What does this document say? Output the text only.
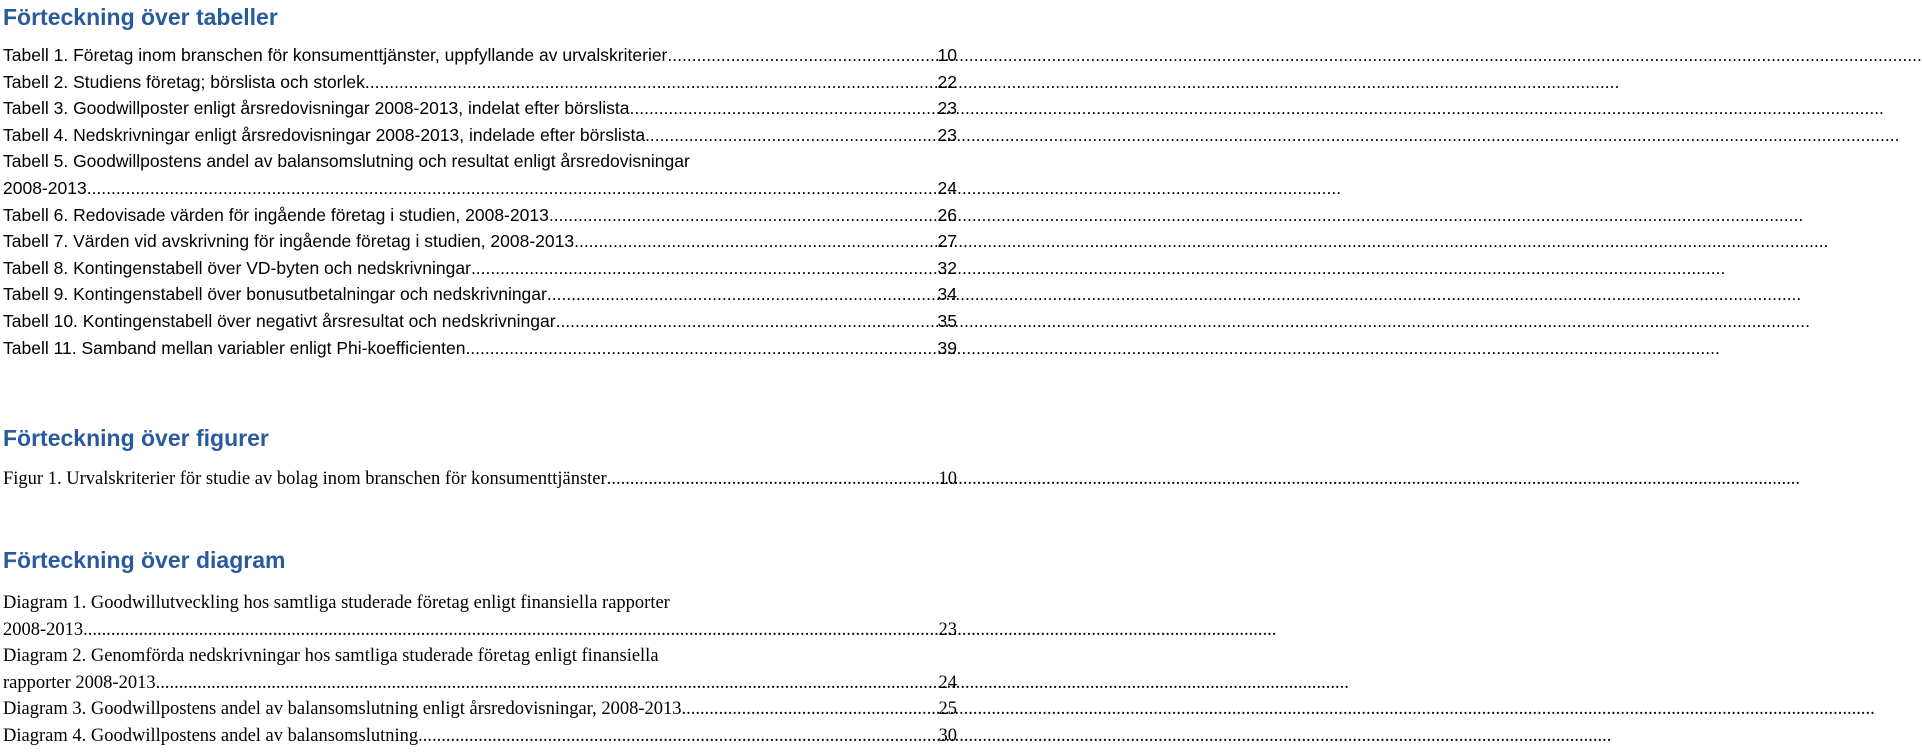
Förteckning över tabeller
Tabell 1. Företag inom branschen för konsumenttjänster, uppfyllande av urvalskriterier .....	10
Tabell 2. Studiens företag; börslista och storlek .....	22
Tabell 3. Goodwillposter enligt årsredovisningar 2008-2013, indelat efter börslista .....	23
Tabell 4. Nedskrivningar enligt årsredovisningar 2008-2013, indelade efter börslista .....	23
Tabell 5. Goodwillpostens andel av balansomslutning och resultat enligt årsredovisningar
2008-2013 .....	24
Tabell 6. Redovisade värden för ingående företag i studien, 2008-2013 .....	26
Tabell 7. Värden vid avskrivning för ingående företag i studien, 2008-2013 .....	27
Tabell 8. Kontingenstabell över VD-byten och nedskrivningar .....	32
Tabell 9. Kontingenstabell över bonusutbetalningar och nedskrivningar .....	34
Tabell 10. Kontingenstabell över negativt årsresultat och nedskrivningar .....	35
Tabell 11. Samband mellan variabler enligt Phi-koefficienten .....	39
Förteckning över figurer
Figur 1. Urvalskriterier för studie av bolag inom branschen för konsumenttjänster .....	10
Förteckning över diagram
Diagram 1. Goodwillutveckling hos samtliga studerade företag enligt finansiella rapporter
2008-2013 .....	23
Diagram 2. Genomförda nedskrivningar hos samtliga studerade företag enligt finansiella
rapporter 2008-2013 .....	24
Diagram 3. Goodwillpostens andel av balansomslutning enligt årsredovisningar, 2008-2013 .....	25
Diagram 4. Goodwillpostens andel av balansomslutning .....	30
